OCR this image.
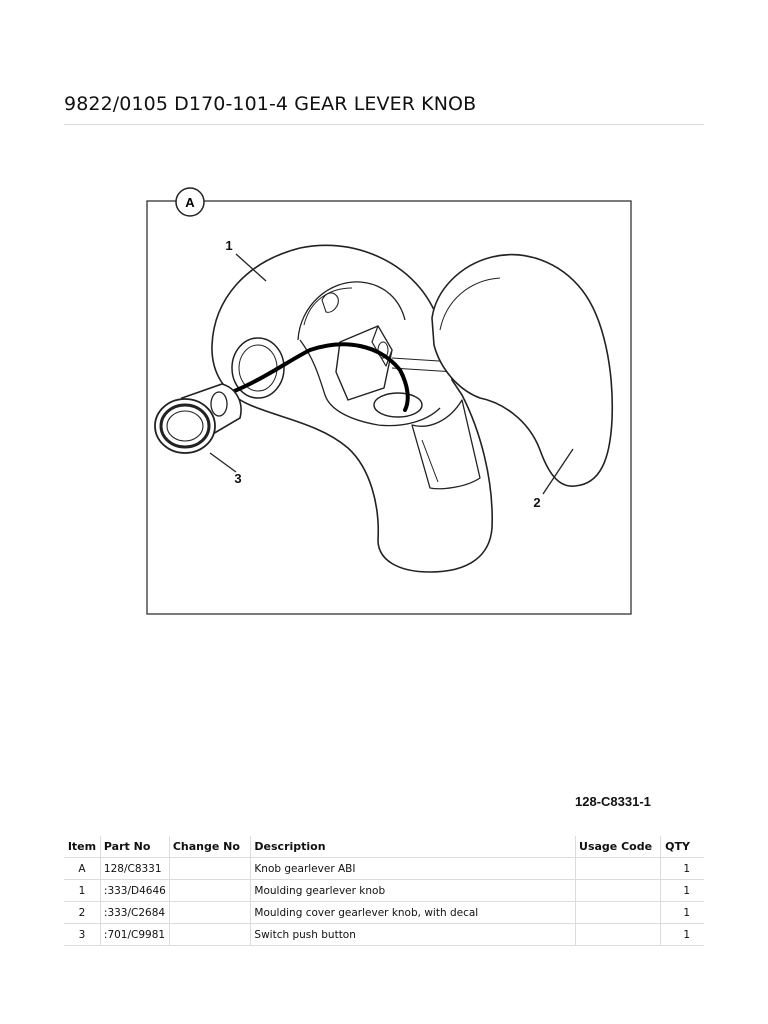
9822/0105 D170-101-4 GEAR LEVER KNOB
A
1
2
3
128-C8331-1
Item	Part No	Change No	Description	Usage Code	QTY
A	128/C8331		Knob gearlever ABI		1
1	:333/D4646		Moulding gearlever knob		1
2	:333/C2684		Moulding cover gearlever knob, with decal		1
3	:701/C9981		Switch push button		1
